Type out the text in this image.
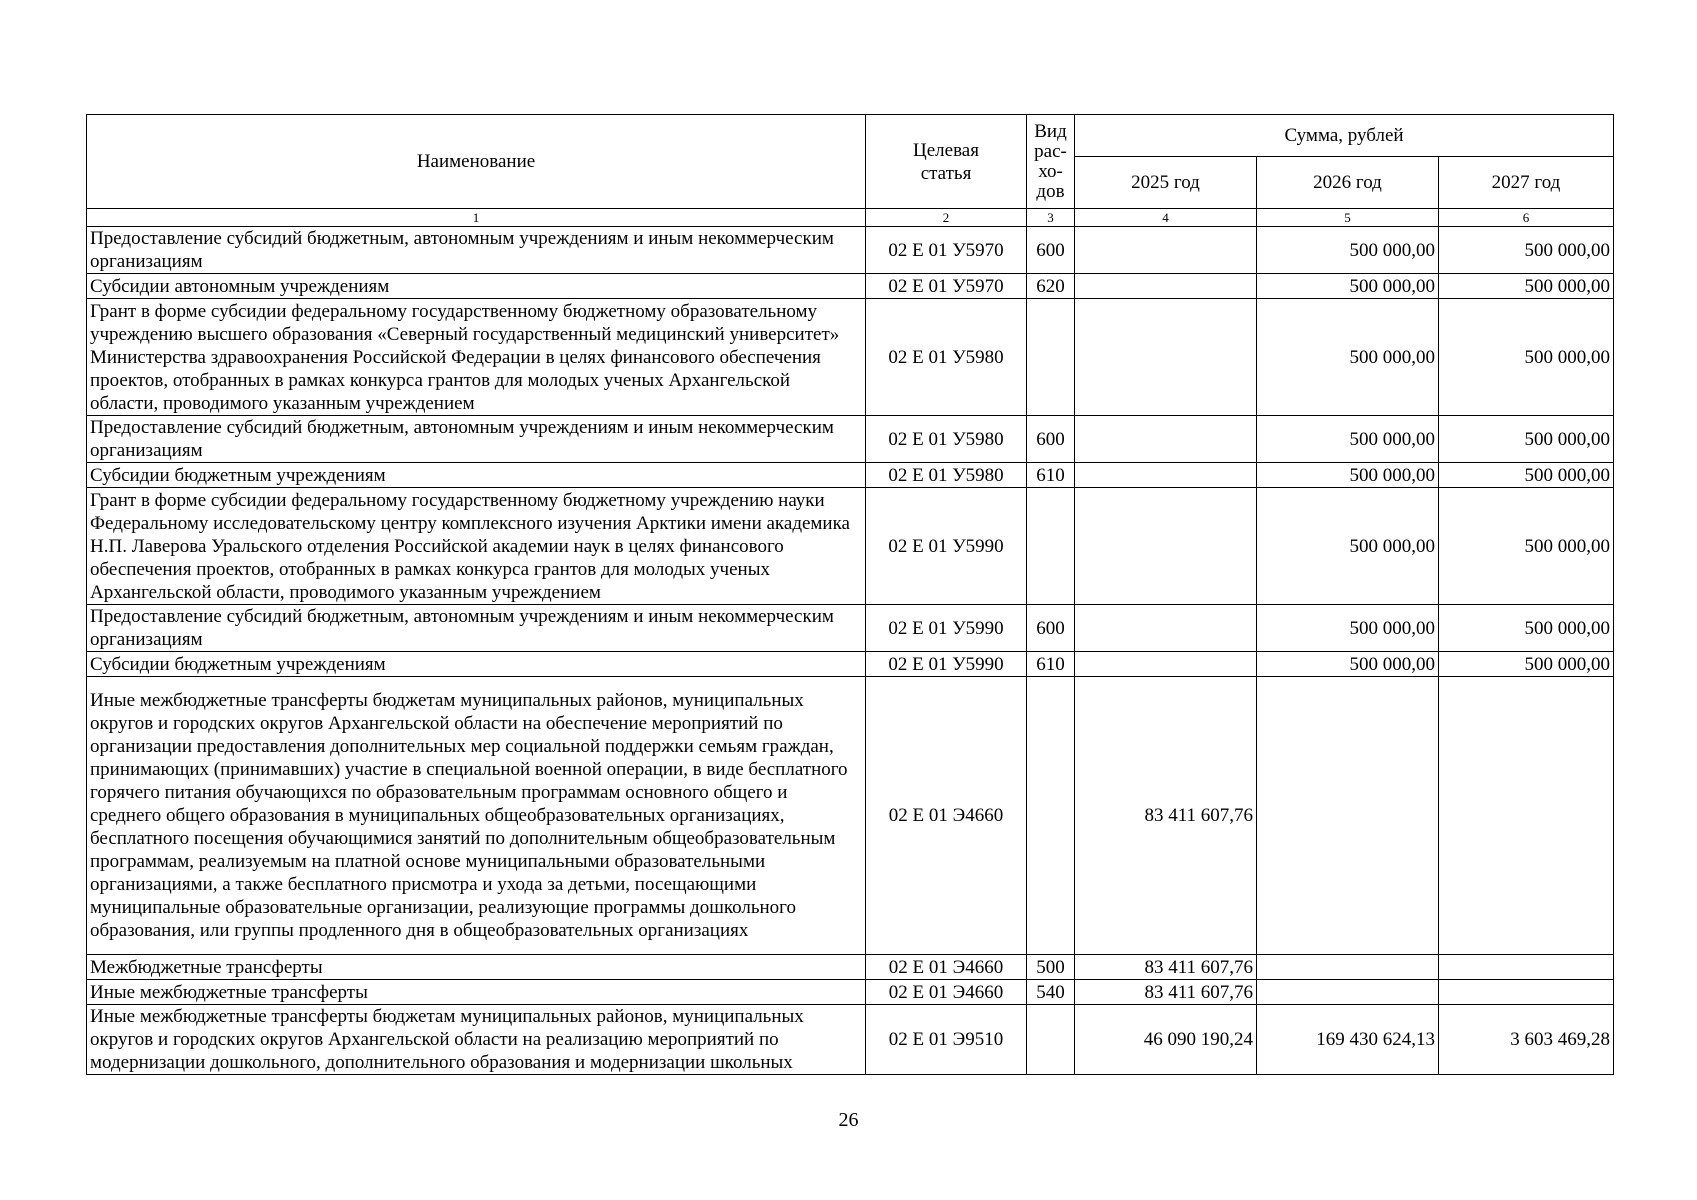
Наименование	Целевая статья	Вид
рас-
хо-
дов	Сумма, рублей		
			2025 год	2026 год	2027 год
1	2	3	4	5	6
Предоставление субсидий бюджетным, автономным учреждениям и иным некоммерческим организациям	02 Е 01 У5970	600		500 000,00	500 000,00
Субсидии автономным учреждениям	02 Е 01 У5970	620		500 000,00	500 000,00
Грант в форме субсидии федеральному государственному бюджетному образовательному учреждению высшего образования «Северный государственный медицинский университет» Министерства здравоохранения Российской Федерации в целях финансового обеспечения проектов, отобранных в рамках конкурса грантов для молодых ученых Архангельской области, проводимого указанным учреждением	02 Е 01 У5980			500 000,00	500 000,00
Предоставление субсидий бюджетным, автономным учреждениям и иным некоммерческим организациям	02 Е 01 У5980	600		500 000,00	500 000,00
Субсидии бюджетным учреждениям	02 Е 01 У5980	610		500 000,00	500 000,00
Грант в форме субсидии федеральному государственному бюджетному учреждению науки Федеральному исследовательскому центру комплексного изучения Арктики имени академика Н.П. Лаверова Уральского отделения Российской академии наук в целях финансового обеспечения проектов, отобранных в рамках конкурса грантов для молодых ученых Архангельской области, проводимого указанным учреждением	02 Е 01 У5990			500 000,00	500 000,00
Предоставление субсидий бюджетным, автономным учреждениям и иным некоммерческим организациям	02 Е 01 У5990	600		500 000,00	500 000,00
Субсидии бюджетным учреждениям	02 Е 01 У5990	610		500 000,00	500 000,00
Иные межбюджетные трансферты бюджетам муниципальных районов, муниципальных округов и городских округов Архангельской области на обеспечение мероприятий по организации предоставления дополнительных мер социальной поддержки семьям граждан, принимающих (принимавших) участие в специальной военной операции, в виде бесплатного горячего питания обучающихся по образовательным программам основного общего и среднего общего образования в муниципальных общеобразовательных организациях, бесплатного посещения обучающимися занятий по дополнительным общеобразовательным программам, реализуемым на платной основе муниципальными образовательными организациями, а также бесплатного присмотра и ухода за детьми, посещающими муниципальные образовательные организации, реализующие программы дошкольного образования, или группы продленного дня в общеобразовательных организациях	02 Е 01 Э4660		83 411 607,76		
Межбюджетные трансферты	02 Е 01 Э4660	500	83 411 607,76		
Иные межбюджетные трансферты	02 Е 01 Э4660	540	83 411 607,76		
Иные межбюджетные трансферты бюджетам муниципальных районов, муниципальных округов и городских округов Архангельской области на реализацию мероприятий по модернизации дошкольного, дополнительного образования и модернизации школьных	02 Е 01 Э9510		46 090 190,24	169 430 624,13	3 603 469,28
26
